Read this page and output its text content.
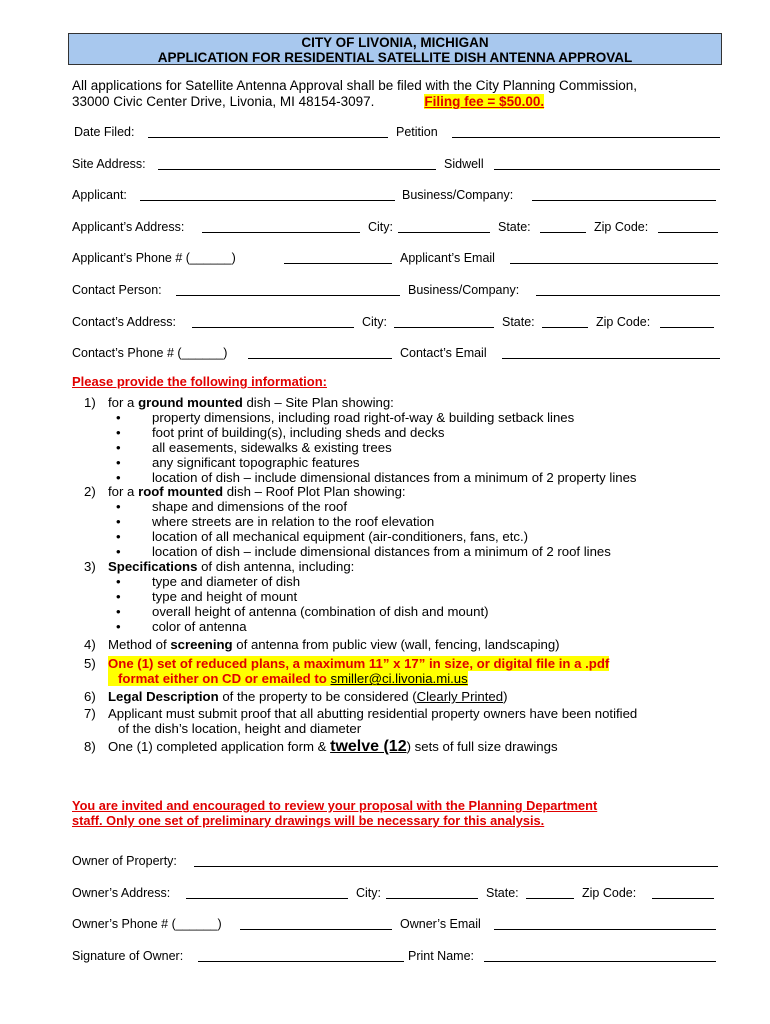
CITY OF LIVONIA, MICHIGAN
APPLICATION FOR RESIDENTIAL SATELLITE DISH ANTENNA APPROVAL
All applications for Satellite Antenna Approval shall be filed with the City Planning Commission,
33000 Civic Center Drive, Livonia, MI 48154-3097.	Filing fee = $50.00.
Date Filed:	Petition
Site Address:	Sidwell
Applicant:	Business/Company:
Applicant’s Address:	City:	State:	Zip Code:
Applicant’s Phone # (______)	Applicant’s Email
Contact Person:	Business/Company:
Contact’s Address:	City:	State:	Zip Code:
Contact’s Phone # (______)	Contact’s Email
Please provide the following information:
1) for a ground mounted dish – Site Plan showing:
• property dimensions, including road right-of-way & building setback lines
• foot print of building(s), including sheds and decks
• all easements, sidewalks & existing trees
• any significant topographic features
• location of dish – include dimensional distances from a minimum of 2 property lines
2) for a roof mounted dish – Roof Plot Plan showing:
• shape and dimensions of the roof
• where streets are in relation to the roof elevation
• location of all mechanical equipment (air-conditioners, fans, etc.)
• location of dish – include dimensional distances from a minimum of 2 roof lines
3) Specifications of dish antenna, including:
• type and diameter of dish
• type and height of mount
• overall height of antenna (combination of dish and mount)
• color of antenna
4) Method of screening of antenna from public view (wall, fencing, landscaping)
5) One (1) set of reduced plans, a maximum 11” x 17” in size, or digital file in a .pdf
format either on CD or emailed to smiller@ci.livonia.mi.us
6) Legal Description of the property to be considered (Clearly Printed)
7) Applicant must submit proof that all abutting residential property owners have been notified
of the dish’s location, height and diameter
8) One (1) completed application form & twelve (12) sets of full size drawings
You are invited and encouraged to review your proposal with the Planning Department
staff. Only one set of preliminary drawings will be necessary for this analysis.
Owner of Property:
Owner’s Address:	City:	State:	Zip Code:
Owner’s Phone # (______)	Owner’s Email
Signature of Owner:	Print Name:
